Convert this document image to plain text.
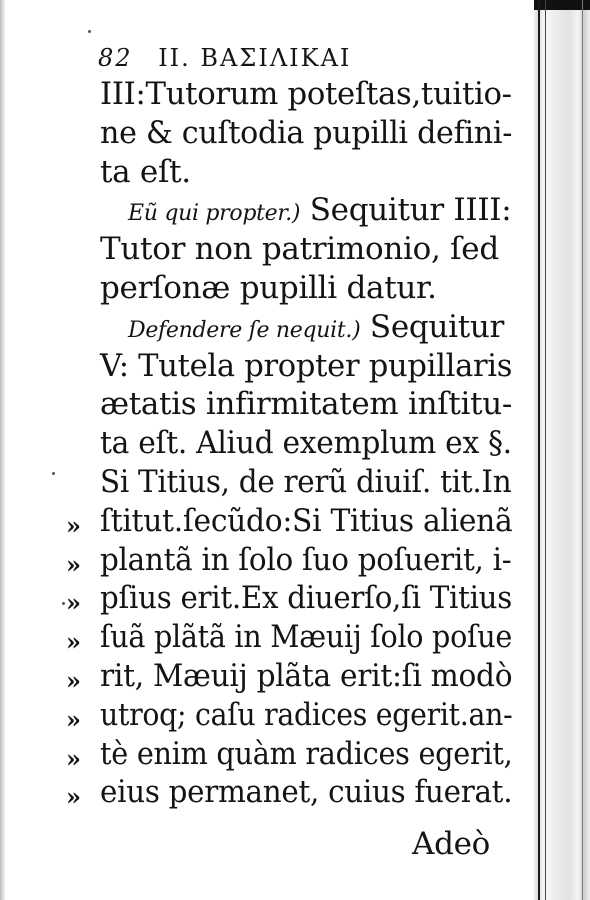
82 II. ΒΑΣΙΛΙΚΑΙ
III:Tutorum poteſtas,tuitio-
ne & cuſtodia pupilli defini-
ta eſt.
Eũ qui propter.) Sequitur IIII:
Tutor non patrimonio, ſed
perſonæ pupilli datur.
Defendere ſe nequit.) Sequitur
V: Tutela propter pupillaris
ætatis infirmitatem inſtitu-
ta eſt. Aliud exemplum ex §.
Si Titius, de rerũ diuiſ. tit.In
» ſtitut.ſecũdo:Si Titius alienã
» plantã in ſolo ſuo poſuerit, i-
» pſius erit.Ex diuerſo,ſi Titius
» ſuã plãtã in Mæuij ſolo poſue
» rit, Mæuij plãta erit:ſi modò
» utroq; caſu radices egerit.an-
» tè enim quàm radices egerit,
» eius permanet, cuius fuerat.
Adeò
